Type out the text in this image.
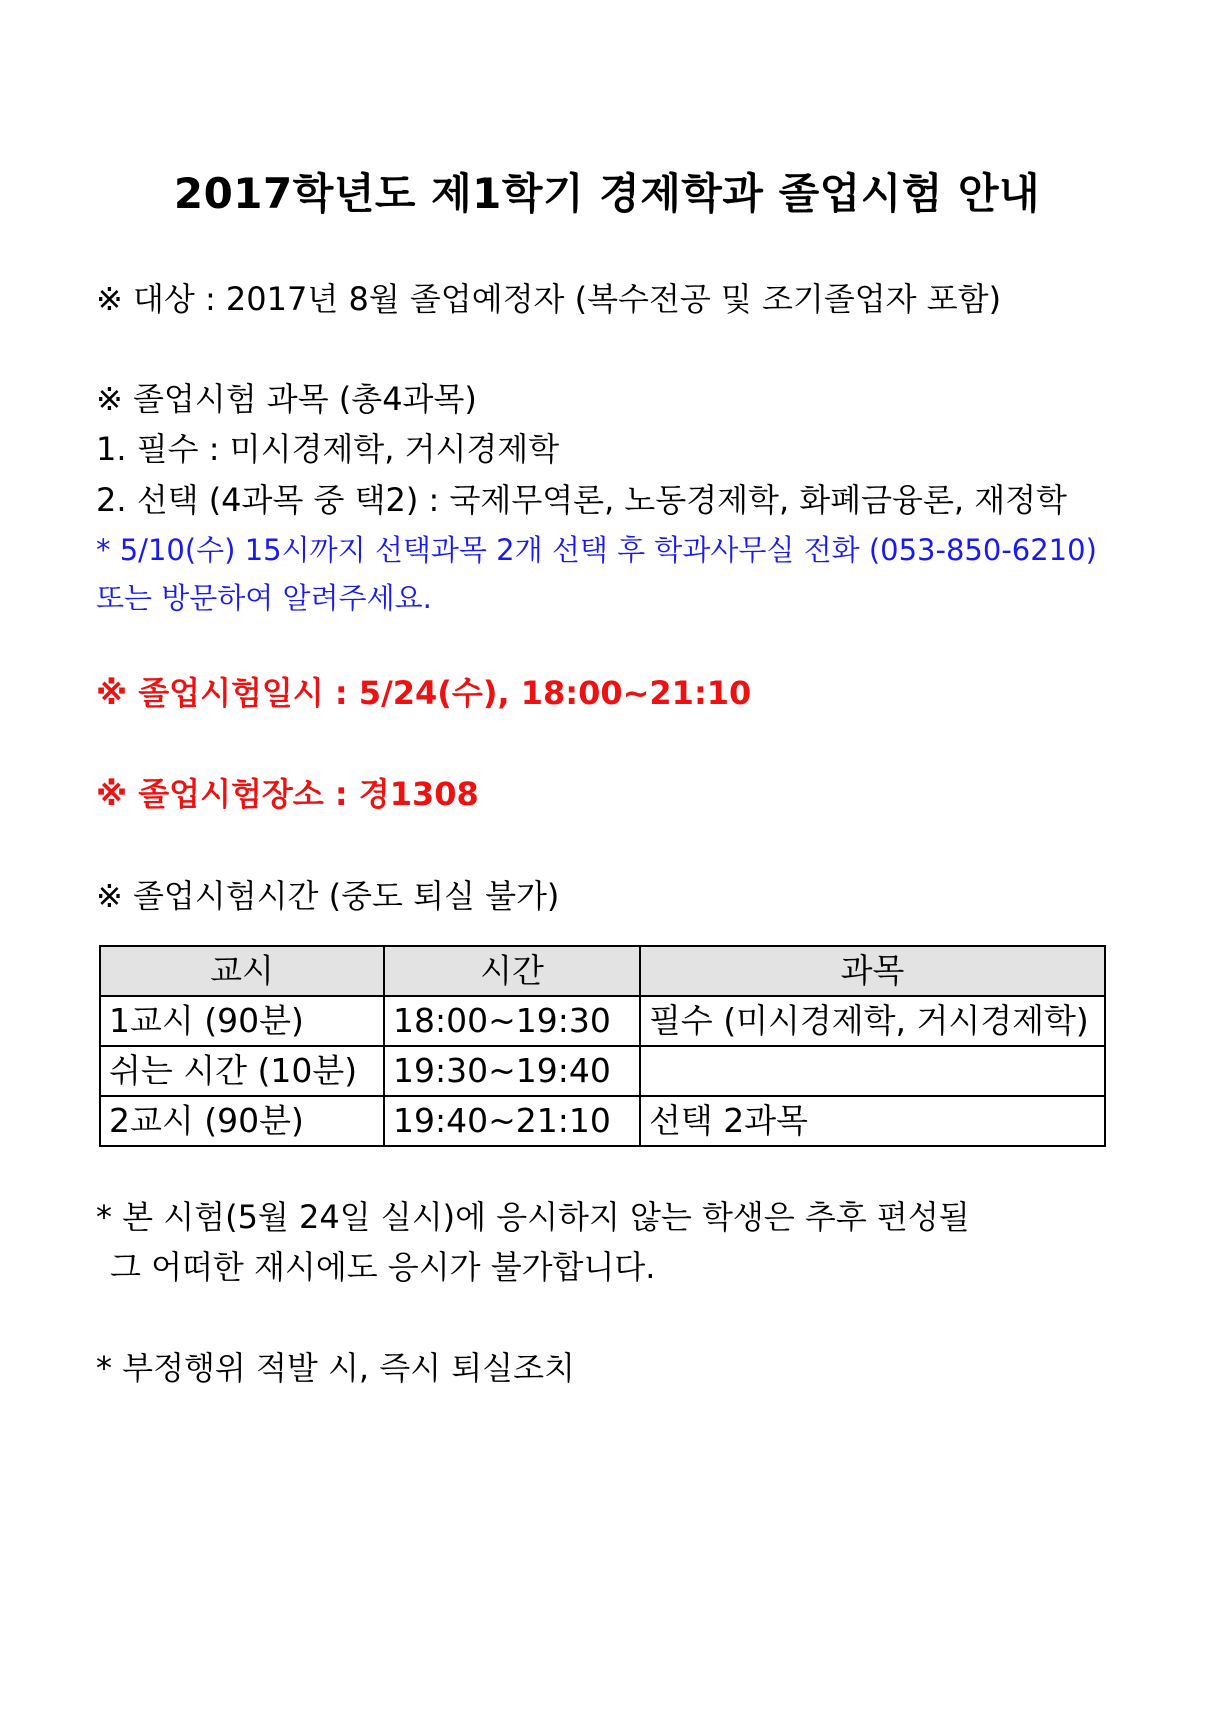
2017학년도 제1학기 경제학과 졸업시험 안내
※ 대상 : 2017년 8월 졸업예정자 (복수전공 및 조기졸업자 포함)
※ 졸업시험 과목 (총4과목)
1. 필수 : 미시경제학, 거시경제학
2. 선택 (4과목 중 택2) : 국제무역론, 노동경제학, 화폐금융론, 재정학
* 5/10(수) 15시까지 선택과목 2개 선택 후 학과사무실 전화 (053-850-6210)
또는 방문하여 알려주세요.
※ 졸업시험일시 : 5/24(수), 18:00~21:10
※ 졸업시험장소 : 경1308
※ 졸업시험시간 (중도 퇴실 불가)
교시	시간	과목
1교시 (90분)	18:00~19:30	필수 (미시경제학, 거시경제학)
쉬는 시간 (10분)	19:30~19:40	
2교시 (90분)	19:40~21:10	선택 2과목
* 본 시험(5월 24일 실시)에 응시하지 않는 학생은 추후 편성될
그 어떠한 재시에도 응시가 불가합니다.
* 부정행위 적발 시, 즉시 퇴실조치
